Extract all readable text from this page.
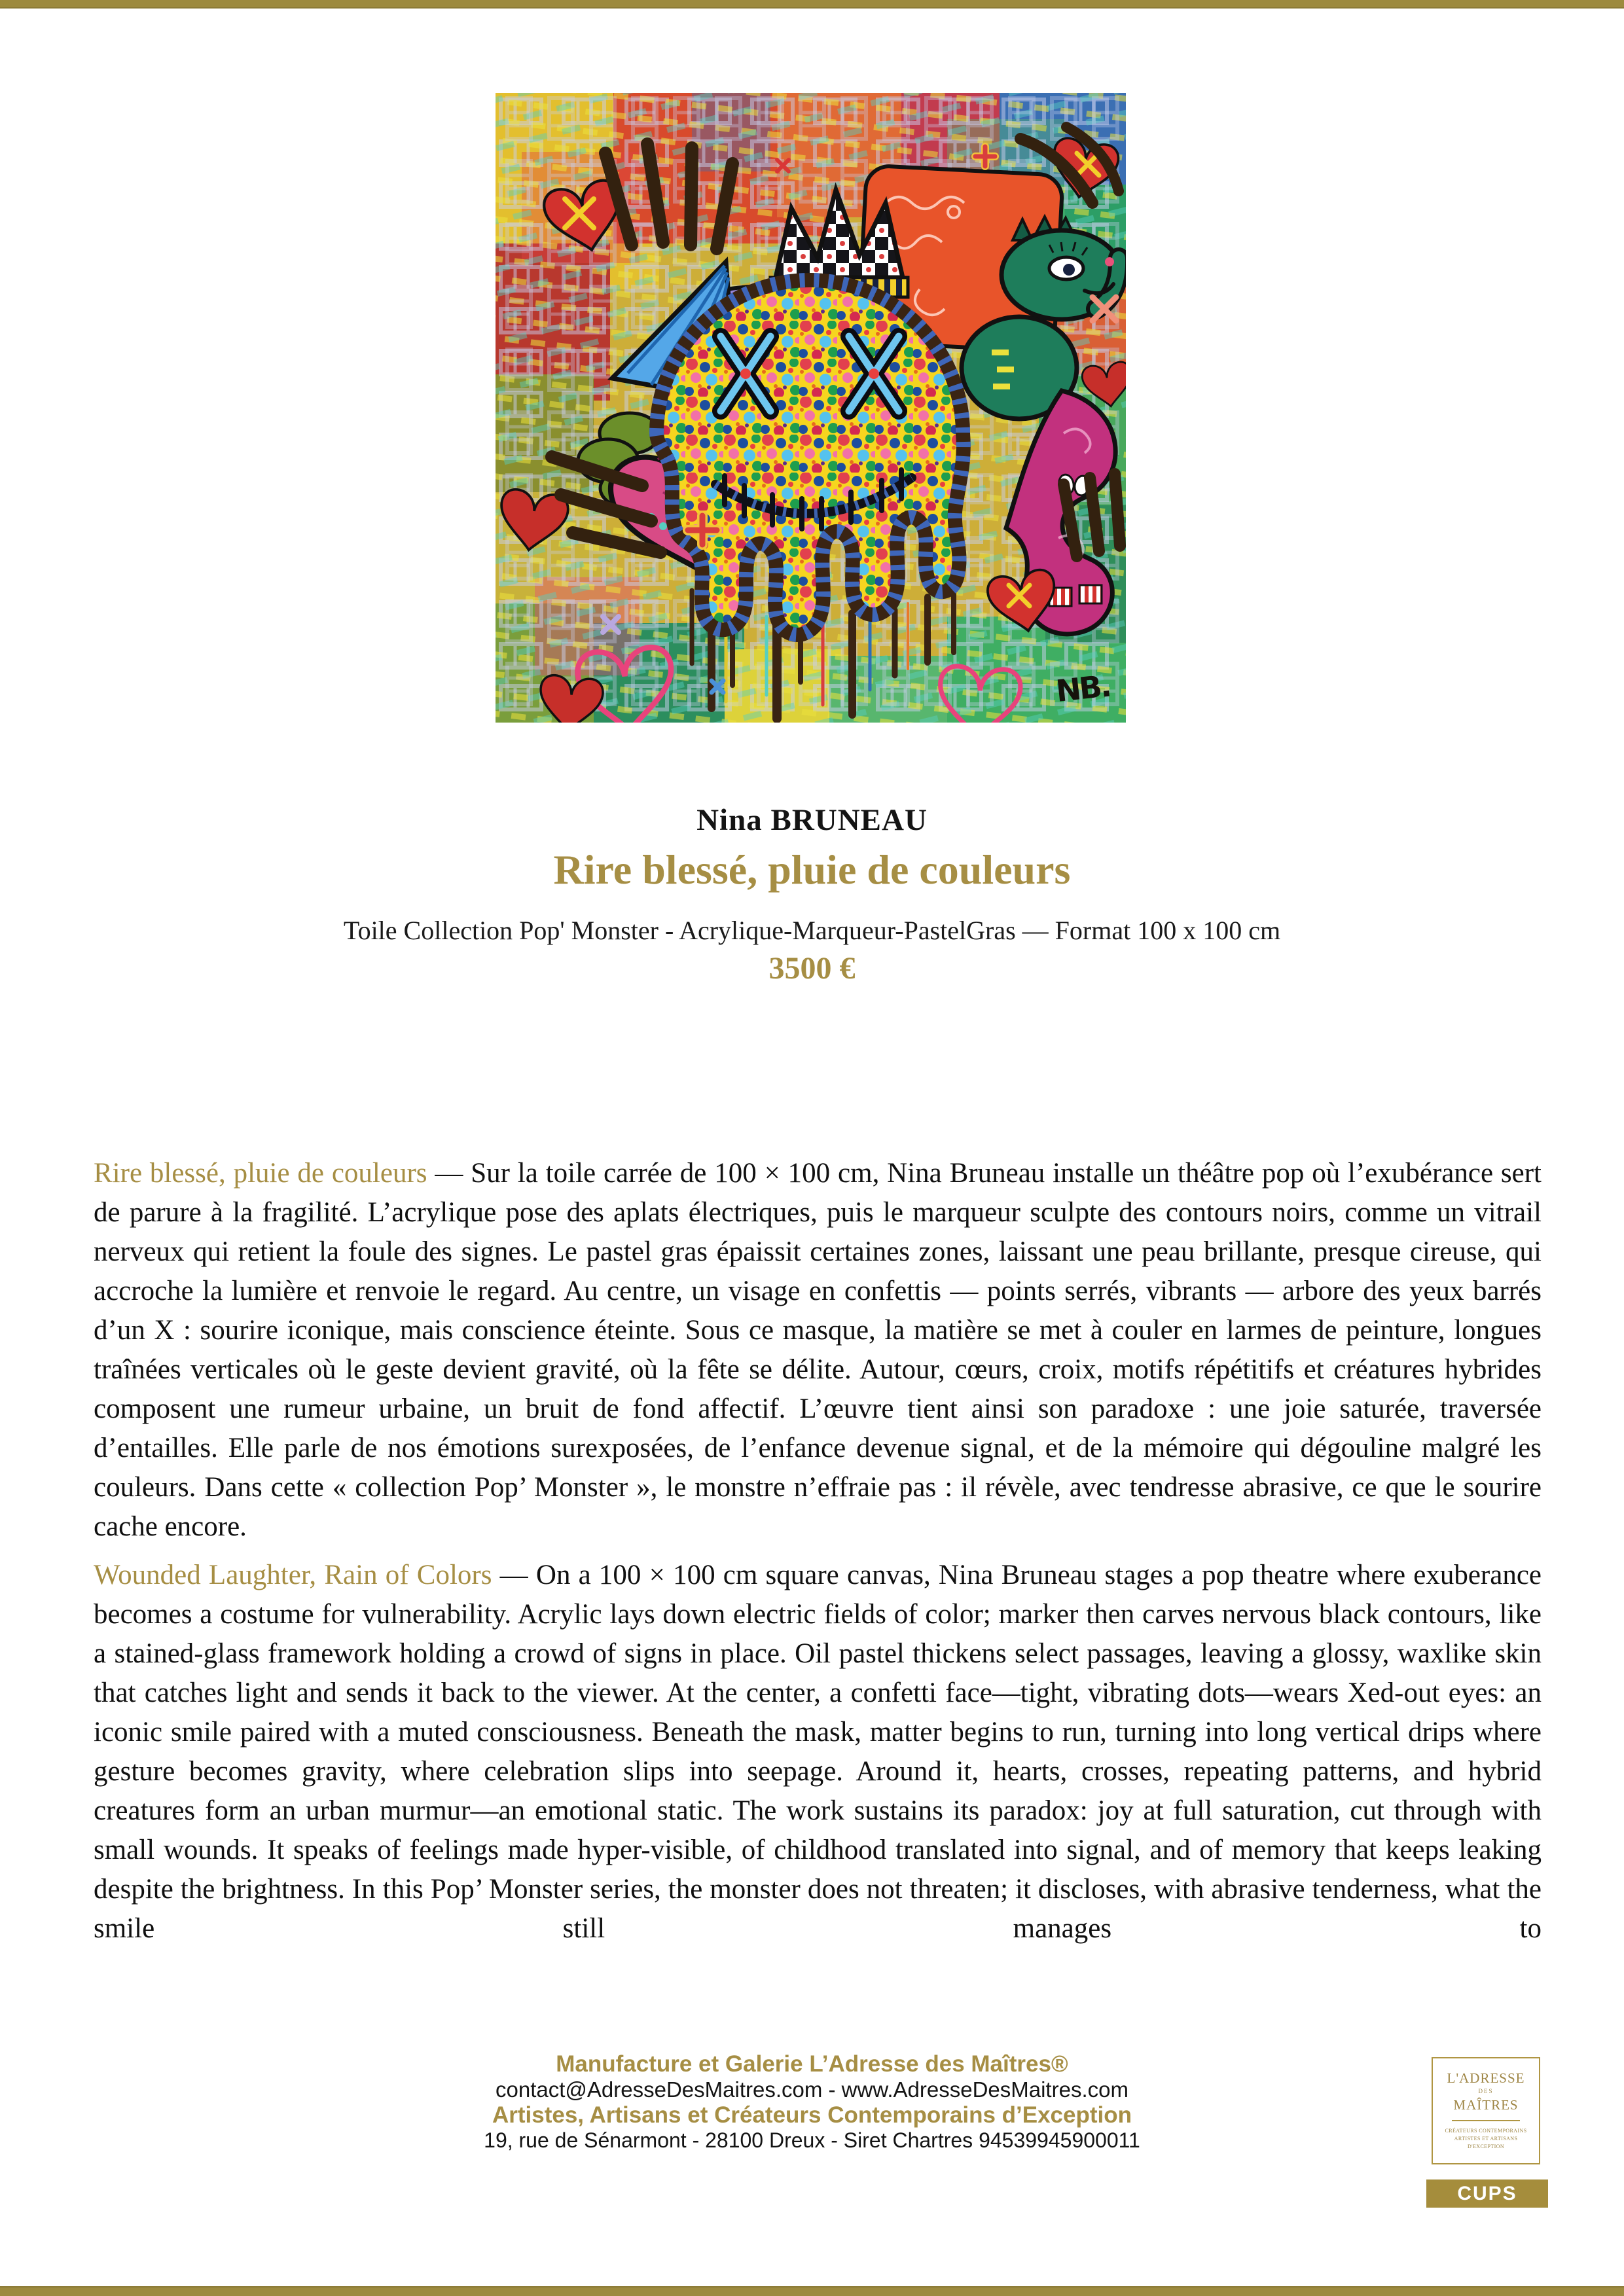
NB.
Nina BRUNEAU
Rire blessé, pluie de couleurs
Toile Collection Pop' Monster - Acrylique-Marqueur-PastelGras — Format 100 x 100 cm
3500 €

Rire blessé, pluie de couleurs — Sur la toile carrée de 100 × 100 cm, Nina Bruneau installe un théâtre pop où l’exubérance sert de parure à la fragilité. L’acrylique pose des aplats électriques, puis le marqueur sculpte des contours noirs, comme un vitrail nerveux qui retient la foule des signes. Le pastel gras épaissit certaines zones, laissant une peau brillante, presque cireuse, qui accroche la lumière et renvoie le regard. Au centre, un visage en confettis — points serrés, vibrants — arbore des yeux barrés d’un X : sourire iconique, mais conscience éteinte. Sous ce masque, la matière se met à couler en larmes de peinture, longues traînées verticales où le geste devient gravité, où la fête se délite. Autour, cœurs, croix, motifs répétitifs et créatures hybrides composent une rumeur urbaine, un bruit de fond affectif. L’œuvre tient ainsi son paradoxe : une joie saturée, traversée d’entailles. Elle parle de nos émotions surexposées, de l’enfance devenue signal, et de la mémoire qui dégouline malgré les couleurs. Dans cette « collection Pop’ Monster », le monstre n’effraie pas : il révèle, avec tendresse abrasive, ce que le sourire cache encore.

Wounded Laughter, Rain of Colors — On a 100 × 100 cm square canvas, Nina Bruneau stages a pop theatre where exuberance becomes a costume for vulnerability. Acrylic lays down electric fields of color; marker then carves nervous black contours, like a stained-glass framework holding a crowd of signs in place. Oil pastel thickens select passages, leaving a glossy, waxlike skin that catches light and sends it back to the viewer. At the center, a confetti face—tight, vibrating dots—wears Xed-out eyes: an iconic smile paired with a muted consciousness. Beneath the mask, matter begins to run, turning into long vertical drips where gesture becomes gravity, where celebration slips into seepage. Around it, hearts, crosses, repeating patterns, and hybrid creatures form an urban murmur—an emotional static. The work sustains its paradox: joy at full saturation, cut through with small wounds. It speaks of feelings made hyper-visible, of childhood translated into signal, and of memory that keeps leaking despite the brightness. In this Pop’ Monster series, the monster does not threaten; it discloses, with abrasive tenderness, what the smile still manages to

Manufacture et Galerie L’Adresse des Maîtres®
contact@AdresseDesMaitres.com - www.AdresseDesMaitres.com
Artistes, Artisans et Créateurs Contemporains d’Exception
19, rue de Sénarmont - 28100 Dreux - Siret Chartres 94539945900011
L'ADRESSE
DES
MAÎTRES
CRÉATEURS CONTEMPORAINS
ARTISTES ET ARTISANS
D'EXCEPTION
CUPS
